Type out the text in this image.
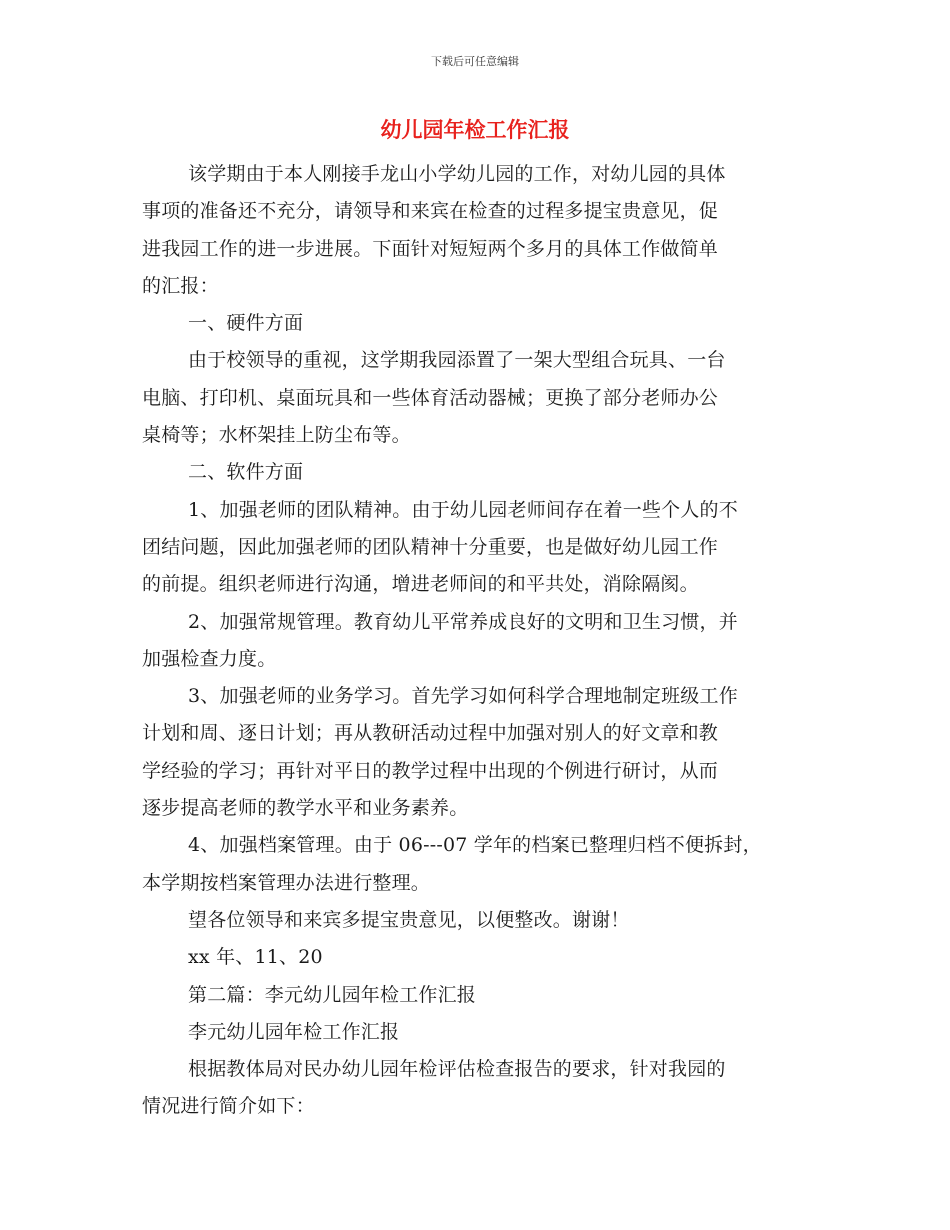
下载后可任意编辑
幼儿园年检工作汇报
该学期由于本人刚接手龙山小学幼儿园的工作，对幼儿园的具体
事项的准备还不充分，请领导和来宾在检查的过程多提宝贵意见，促
进我园工作的进一步进展。下面针对短短两个多月的具体工作做简单
的汇报：
一、硬件方面
由于校领导的重视，这学期我园添置了一架大型组合玩具、一台
电脑、打印机、桌面玩具和一些体育活动器械；更换了部分老师办公
桌椅等；水杯架挂上防尘布等。
二、软件方面
1、加强老师的团队精神。由于幼儿园老师间存在着一些个人的不
团结问题，因此加强老师的团队精神十分重要，也是做好幼儿园工作
的前提。组织老师进行沟通，增进老师间的和平共处，消除隔阂。
2、加强常规管理。教育幼儿平常养成良好的文明和卫生习惯，并
加强检查力度。
3、加强老师的业务学习。首先学习如何科学合理地制定班级工作
计划和周、逐日计划；再从教研活动过程中加强对别人的好文章和教
学经验的学习；再针对平日的教学过程中出现的个例进行研讨，从而
逐步提高老师的教学水平和业务素养。
4、加强档案管理。由于 06---07 学年的档案已整理归档不便拆封，
本学期按档案管理办法进行整理。
望各位领导和来宾多提宝贵意见，以便整改。谢谢！
xx 年、11、20
第二篇：李元幼儿园年检工作汇报
李元幼儿园年检工作汇报
根据教体局对民办幼儿园年检评估检查报告的要求，针对我园的
情况进行简介如下：
